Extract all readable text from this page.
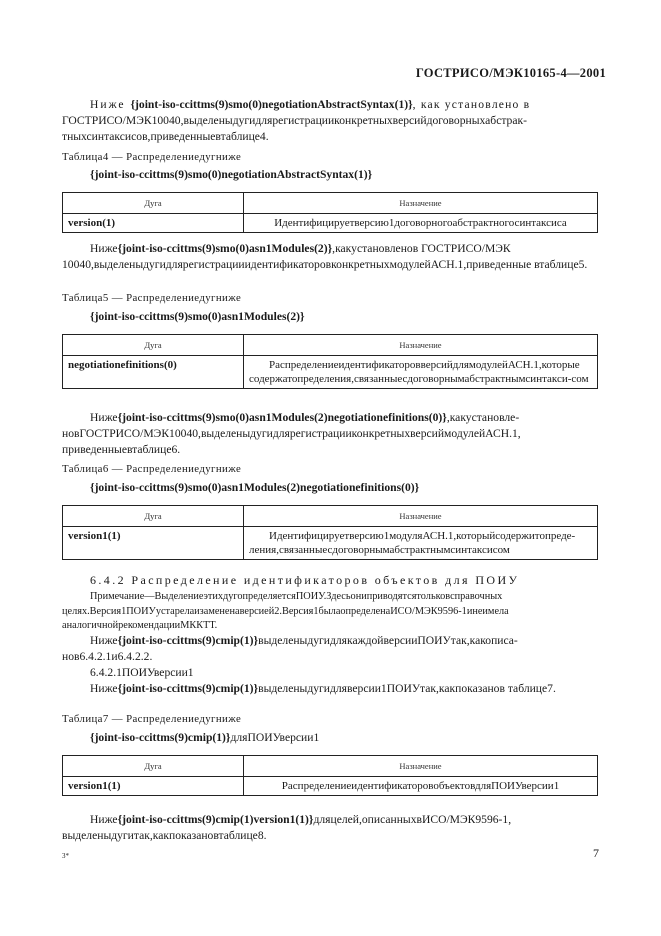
ГОСТРИСО/МЭК10165-4—2001
Ниже {joint-iso-ccittms(9)smo(0)negotiationAbstractSyntax(1)}, как установлено в
ГОСТРИСО/МЭК10040,выделеныдугидлярегистрацииконкретныхверсийдоговорныхабстрак-тныхсинтаксисов,приведенныевтаблице4.
Таблица4 — Распределениедугниже
{joint-iso-ccittms(9)smo(0)negotiationAbstractSyntax(1)}
Дуга	Назначение
version(1)	Идентифицируетверсию1договорногоабстрактногосинтаксиса
Ниже{joint-iso-ccittms(9)smo(0)asn1Modules(2)},какустановленов ГОСТРИСО/МЭК 10040,выделеныдугидлярегистрацииидентификаторовконкретныхмодулейАСН.1,приведенные втаблице5.
Таблица5 — Распределениедугниже
{joint-iso-ccittms(9)smo(0)asn1Modules(2)}
Дуга	Назначение
negotiationefinitions(0)	РаспределениеидентификаторовверсийдлямодулейАСН.1,которые содержатопределения,связанныесдоговорнымабстрактнымсинтакси-сом
Ниже{joint-iso-ccittms(9)smo(0)asn1Modules(2)negotiationefinitions(0)},какустановле-новГОСТРИСО/МЭК10040,выделеныдугидлярегистрацииконкретныхверсиймодулейАСН.1, приведенныевтаблице6.
Таблица6 — Распределениедугниже
{joint-iso-ccittms(9)smo(0)asn1Modules(2)negotiationefinitions(0)}
Дуга	Назначение
version1(1)	Идентифицируетверсию1модуляАСН.1,которыйсодержитопреде-ления,связанныесдоговорнымабстрактнымсинтаксисом
6.4.2 Распределение идентификаторов объектов для ПОИУ
Примечание—ВыделениеэтихдугопределяетсяПОИУ.Здесьониприводятсятольковсправочных целях.Версия1ПОИУустарелаизамененаверсией2.Версия1былаопределенаИСО/МЭК9596-1инеимела аналогичнойрекомендацииМККТТ.
Ниже{joint-iso-ccittms(9)cmip(1)}выделеныдугидлякаждойверсииПОИУтак,какописа-нов6.4.2.1и6.4.2.2.
6.4.2.1ПОИУверсии1
Ниже{joint-iso-ccittms(9)cmip(1)}выделеныдугидляверсии1ПОИУтак,какпоказанов таблице7.
Таблица7 — Распределениедугниже
{joint-iso-ccittms(9)cmip(1)}дляПОИУверсии1
Дуга	Назначение
version1(1)	РаспределениеидентификаторовобъектовдляПОИУверсии1
Ниже{joint-iso-ccittms(9)cmip(1)version1(1)}дляцелей,описанныхвИСО/МЭК9596-1, выделеныдугитак,какпоказановтаблице8.
3*	7
